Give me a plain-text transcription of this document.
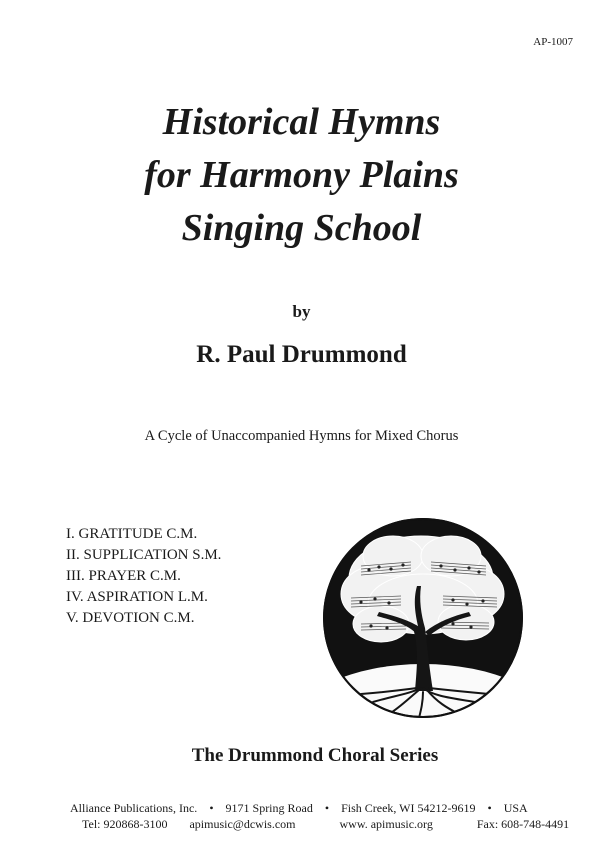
AP-1007
Historical Hymns
for Harmony Plains
Singing School
by
R. Paul Drummond
A Cycle of Unaccompanied Hymns for Mixed Chorus
I. GRATITUDE C.M.
II. SUPPLICATION S.M.
III. PRAYER C.M.
IV. ASPIRATION L.M.
V. DEVOTION C.M.
The Drummond Choral Series
Alliance Publications, Inc. • 9171 Spring Road • Fish Creek, WI 54212-9619 • USA
Tel: 920868-3100 apimusic@dcwis.com	www. apimusic.org	Fax: 608-748-4491
